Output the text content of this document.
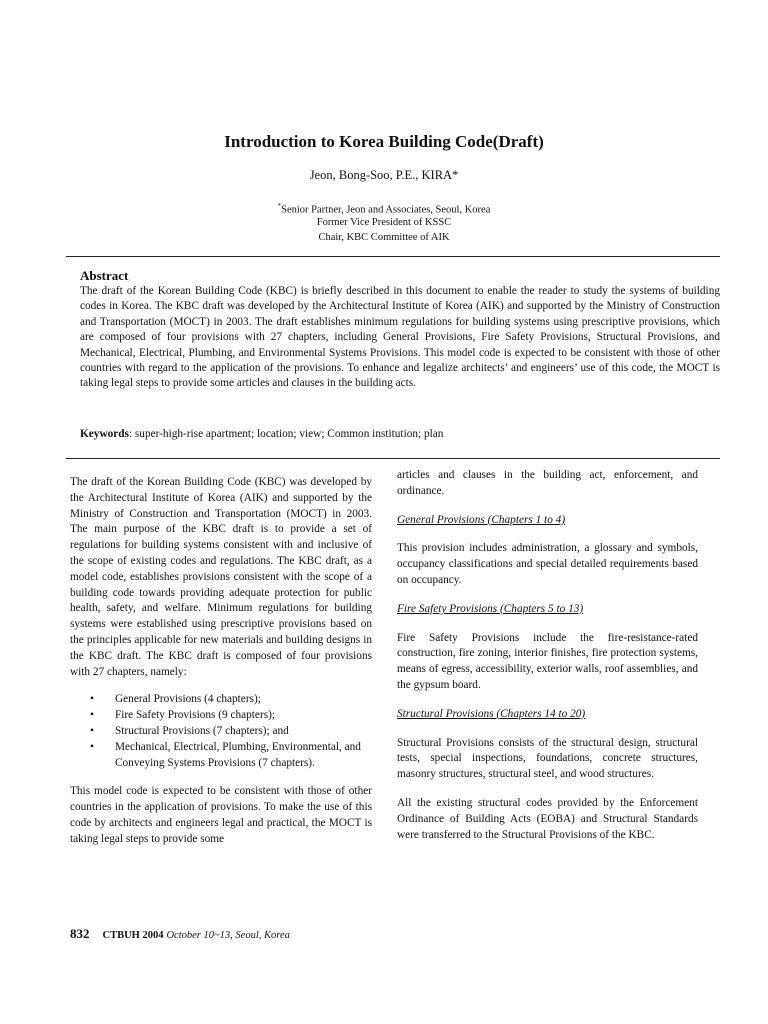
Introduction to Korea Building Code(Draft)
Jeon, Bong-Soo, P.E., KIRA*
*Senior Partner, Jeon and Associates, Seoul, Korea
Former Vice President of KSSC
Chair, KBC Committee of AIK
Abstract

The draft of the Korean Building Code (KBC) is briefly described in this document to enable the reader to study the systems of building codes in Korea. The KBC draft was developed by the Architectural Institute of Korea (AIK) and supported by the Ministry of Construction and Transportation (MOCT) in 2003. The draft establishes minimum regulations for building systems using prescriptive provisions, which are composed of four provisions with 27 chapters, including General Provisions, Fire Safety Provisions, Structural Provisions, and Mechanical, Electrical, Plumbing, and Environmental Systems Provisions. This model code is expected to be consistent with those of other countries with regard to the application of the provisions. To enhance and legalize architects’ and engineers’ use of this code, the MOCT is taking legal steps to provide some articles and clauses in the building acts.

Keywords: super-high-rise apartment; location; view; Common institution; plan

The draft of the Korean Building Code (KBC) was developed by the Architectural Institute of Korea (AIK) and supported by the Ministry of Construction and Transportation (MOCT) in 2003. The main purpose of the KBC draft is to provide a set of regulations for building systems consistent with and inclusive of the scope of existing codes and regulations. The KBC draft, as a model code, establishes provisions consistent with the scope of a building code towards providing adequate protection for public health, safety, and welfare. Minimum regulations for building systems were established using prescriptive provisions based on the principles applicable for new materials and building designs in the KBC draft. The KBC draft is composed of four provisions with 27 chapters, namely:

• General Provisions (4 chapters);
• Fire Safety Provisions (9 chapters);
• Structural Provisions (7 chapters); and
• Mechanical, Electrical, Plumbing, Environmental, and Conveying Systems Provisions (7 chapters).

This model code is expected to be consistent with those of other countries in the application of provisions. To make the use of this code by architects and engineers legal and practical, the MOCT is taking legal steps to provide some

articles and clauses in the building act, enforcement, and ordinance.

General Provisions (Chapters 1 to 4)

This provision includes administration, a glossary and symbols, occupancy classifications and special detailed requirements based on occupancy.

Fire Safety Provisions (Chapters 5 to 13)

Fire Safety Provisions include the fire-resistance-rated construction, fire zoning, interior finishes, fire protection systems, means of egress, accessibility, exterior walls, roof assemblies, and the gypsum board.

Structural Provisions (Chapters 14 to 20)

Structural Provisions consists of the structural design, structural tests, special inspections, foundations, concrete structures, masonry structures, structural steel, and wood structures.

All the existing structural codes provided by the Enforcement Ordinance of Building Acts (EOBA) and Structural Standards were transferred to the Structural Provisions of the KBC.

832 CTBUH 2004 October 10~13, Seoul, Korea
